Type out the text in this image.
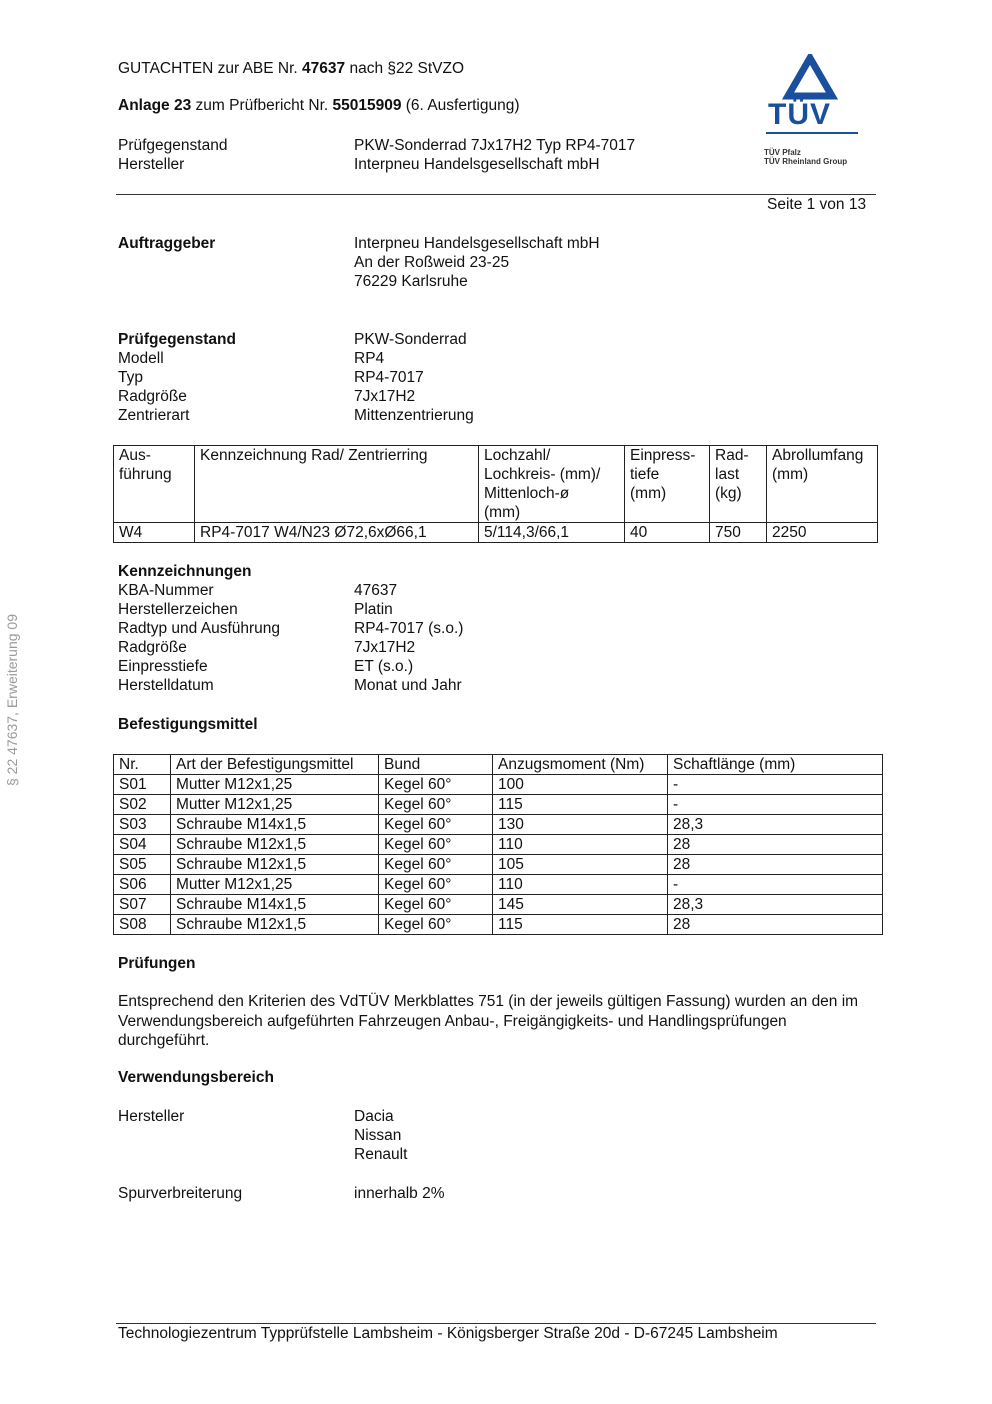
GUTACHTEN zur ABE Nr. 47637 nach §22 StVZO
Anlage 23 zum Prüfbericht Nr. 55015909 (6. Ausfertigung)
Prüfgegenstand	PKW-Sonderrad 7Jx17H2 Typ RP4-7017
Hersteller	Interpneu Handelsgesellschaft mbH
TÜV
TÜV Pfalz
TÜV Rheinland Group
Seite 1 von 13
§ 22 47637, Erweiterung 09
Auftraggeber	Interpneu Handelsgesellschaft mbH
An der Roßweid 23-25
76229 Karlsruhe
Prüfgegenstand	PKW-Sonderrad
Modell	RP4
Typ	RP4-7017
Radgröße	7Jx17H2
Zentrierart	Mittenzentrierung
Aus-
führung	Kennzeichnung Rad/ Zentrierring	Lochzahl/
Lochkreis- (mm)/
Mittenloch-ø
(mm)	Einpress-
tiefe
(mm)	Rad-
last
(kg)	Abrollumfang
(mm)
W4	RP4-7017 W4/N23 Ø72,6xØ66,1	5/114,3/66,1	40	750	2250
Kennzeichnungen
KBA-Nummer	47637
Herstellerzeichen	Platin
Radtyp und Ausführung	RP4-7017 (s.o.)
Radgröße	7Jx17H2
Einpresstiefe	ET (s.o.)
Herstelldatum	Monat und Jahr
Befestigungsmittel
Nr.	Art der Befestigungsmittel	Bund	Anzugsmoment (Nm)	Schaftlänge (mm)
S01	Mutter M12x1,25	Kegel 60°	100	-
S02	Mutter M12x1,25	Kegel 60°	115	-
S03	Schraube M14x1,5	Kegel 60°	130	28,3
S04	Schraube M12x1,5	Kegel 60°	110	28
S05	Schraube M12x1,5	Kegel 60°	105	28
S06	Mutter M12x1,25	Kegel 60°	110	-
S07	Schraube M14x1,5	Kegel 60°	145	28,3
S08	Schraube M12x1,5	Kegel 60°	115	28
Prüfungen
Entsprechend den Kriterien des VdTÜV Merkblattes 751 (in der jeweils gültigen Fassung) wurden an den im Verwendungsbereich aufgeführten Fahrzeugen Anbau-, Freigängigkeits- und Handlingsprüfungen durchgeführt.
Verwendungsbereich
Hersteller	Dacia
Nissan
Renault
Spurverbreiterung	innerhalb 2%
Technologiezentrum Typprüfstelle Lambsheim - Königsberger Straße 20d - D-67245 Lambsheim
